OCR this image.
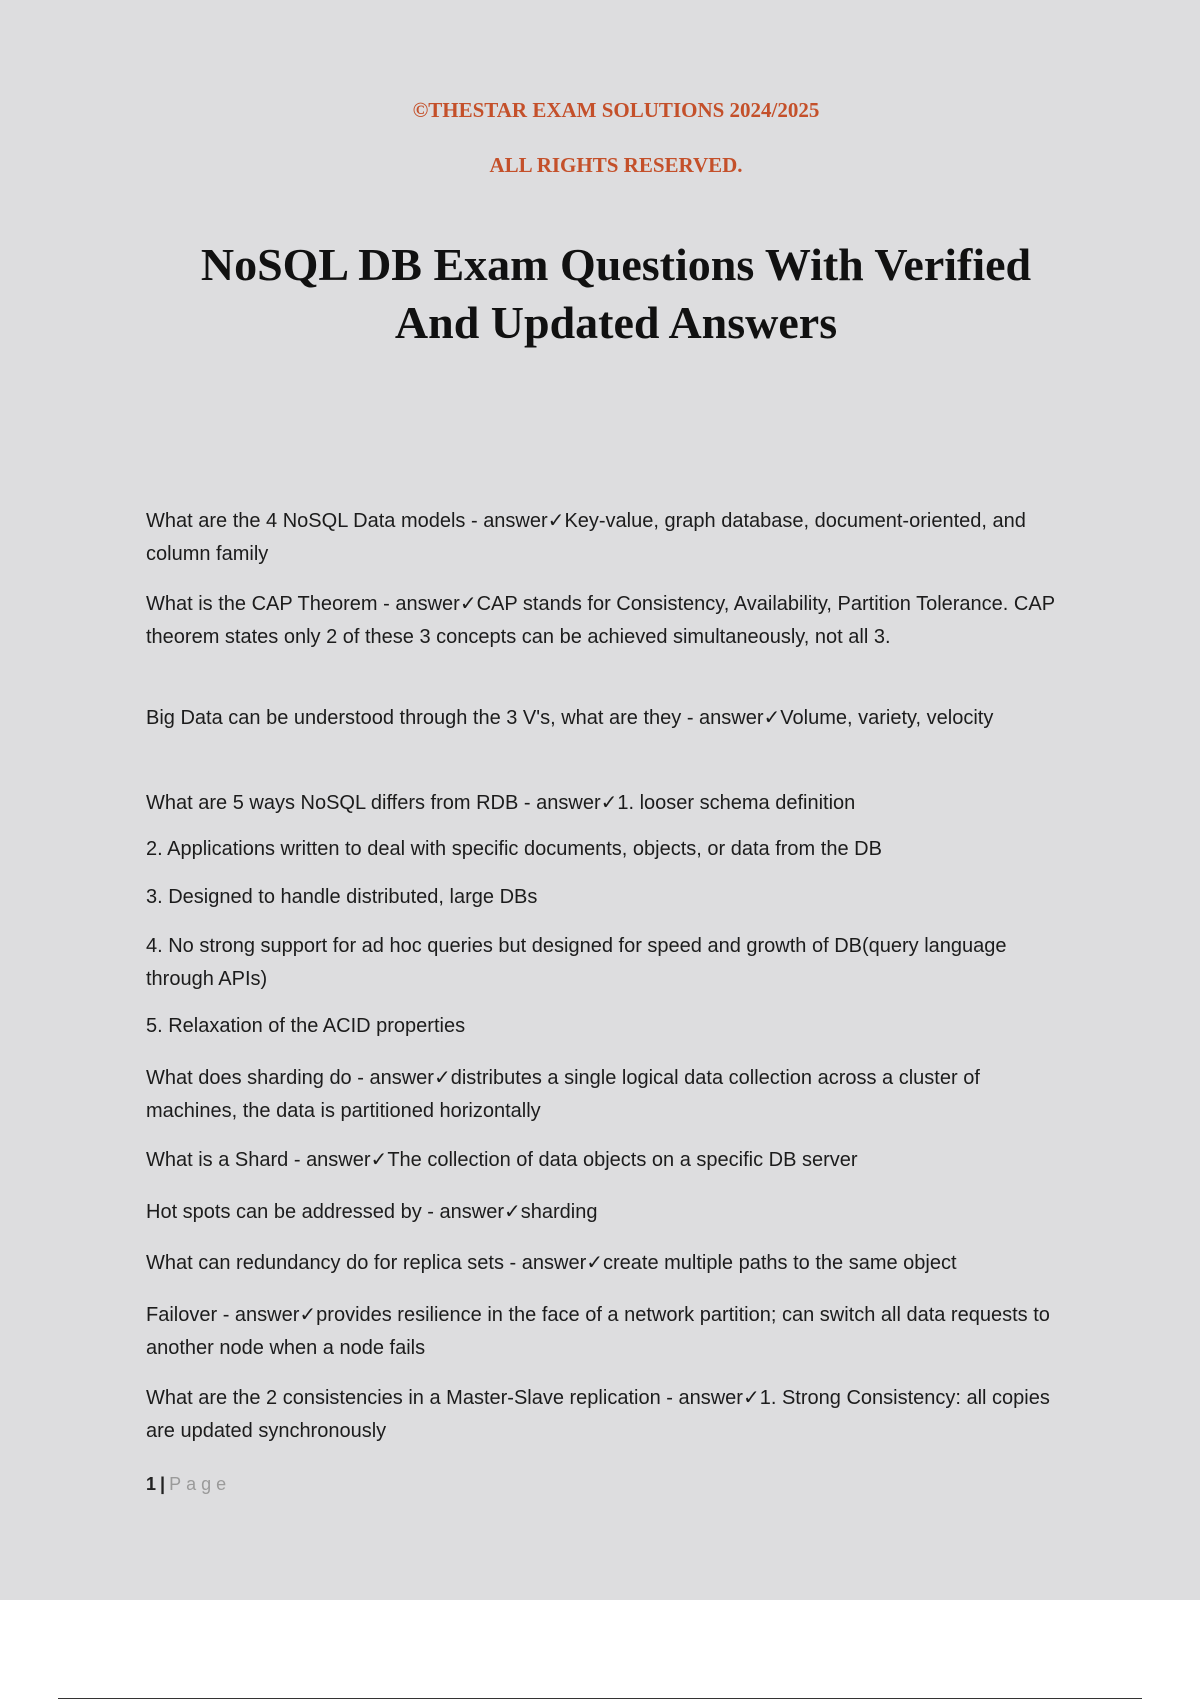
©THESTAR EXAM SOLUTIONS 2024/2025
ALL RIGHTS RESERVED.
NoSQL DB Exam Questions With Verified
And Updated Answers

What are the 4 NoSQL Data models - answer✓Key-value, graph database, document-oriented, and column family

What is the CAP Theorem - answer✓CAP stands for Consistency, Availability, Partition Tolerance. CAP theorem states only 2 of these 3 concepts can be achieved simultaneously, not all 3.

Big Data can be understood through the 3 V's, what are they - answer✓Volume, variety, velocity

What are 5 ways NoSQL differs from RDB - answer✓1. looser schema definition

2. Applications written to deal with specific documents, objects, or data from the DB

3. Designed to handle distributed, large DBs

4. No strong support for ad hoc queries but designed for speed and growth of DB(query language through APIs)

5. Relaxation of the ACID properties

What does sharding do - answer✓distributes a single logical data collection across a cluster of machines, the data is partitioned horizontally

What is a Shard - answer✓The collection of data objects on a specific DB server

Hot spots can be addressed by - answer✓sharding

What can redundancy do for replica sets - answer✓create multiple paths to the same object

Failover - answer✓provides resilience in the face of a network partition; can switch all data requests to another node when a node fails

What are the 2 consistencies in a Master-Slave replication - answer✓1. Strong Consistency: all copies are updated synchronously

1 | Page
